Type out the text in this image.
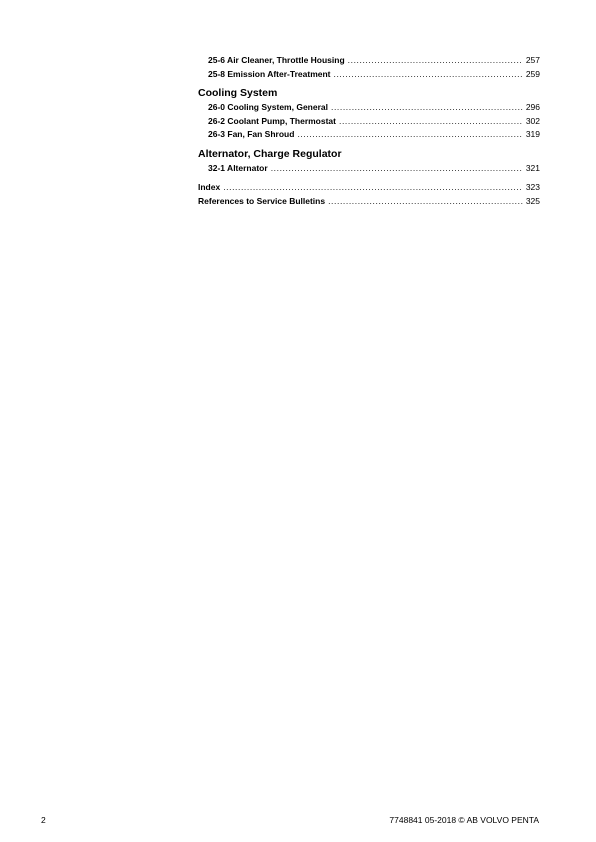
25-6 Air Cleaner, Throttle Housing .....	257
25-8 Emission After-Treatment .....	259
Cooling System
26-0 Cooling System, General .....	296
26-2 Coolant Pump, Thermostat .....	302
26-3 Fan, Fan Shroud .....	319
Alternator, Charge Regulator
32-1 Alternator .....	321
Index .....	323
References to Service Bulletins .....	325
2	7748841 05-2018 © AB VOLVO PENTA
